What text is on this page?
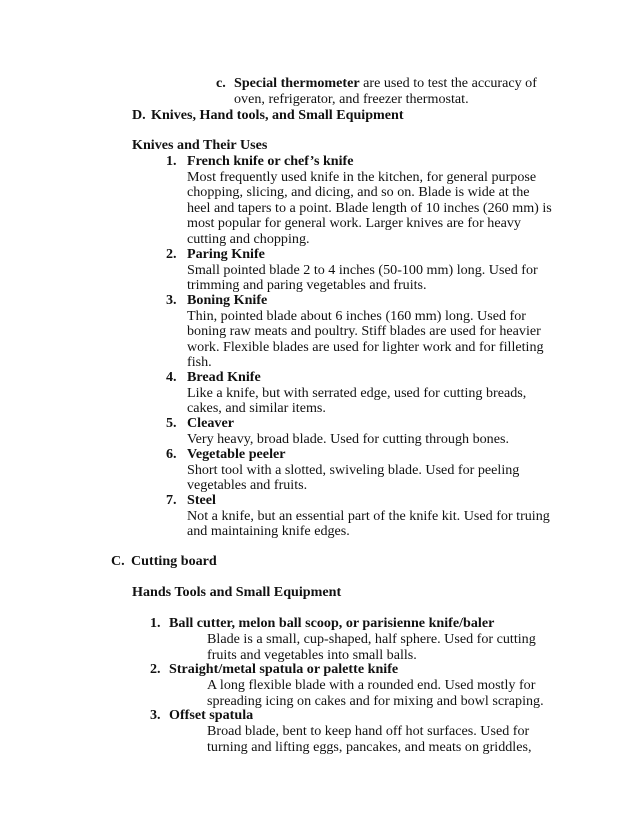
c. Special thermometer are used to test the accuracy of oven, refrigerator, and freezer thermostat.
D. Knives, Hand tools, and Small Equipment
Knives and Their Uses
1. French knife or chef’s knife
Most frequently used knife in the kitchen, for general purpose chopping, slicing, and dicing, and so on. Blade is wide at the heel and tapers to a point. Blade length of 10 inches (260 mm) is most popular for general work. Larger knives are for heavy cutting and chopping.
2. Paring Knife
Small pointed blade 2 to 4 inches (50-100 mm) long. Used for trimming and paring vegetables and fruits.
3. Boning Knife
Thin, pointed blade about 6 inches (160 mm) long. Used for boning raw meats and poultry. Stiff blades are used for heavier work. Flexible blades are used for lighter work and for filleting fish.
4. Bread Knife
Like a knife, but with serrated edge, used for cutting breads, cakes, and similar items.
5. Cleaver
Very heavy, broad blade. Used for cutting through bones.
6. Vegetable peeler
Short tool with a slotted, swiveling blade. Used for peeling vegetables and fruits.
7. Steel
Not a knife, but an essential part of the knife kit. Used for truing and maintaining knife edges.
C. Cutting board
Hands Tools and Small Equipment
1. Ball cutter, melon ball scoop, or parisienne knife/baler
Blade is a small, cup-shaped, half sphere. Used for cutting fruits and vegetables into small balls.
2. Straight/metal spatula or palette knife
A long flexible blade with a rounded end. Used mostly for spreading icing on cakes and for mixing and bowl scraping.
3. Offset spatula
Broad blade, bent to keep hand off hot surfaces. Used for turning and lifting eggs, pancakes, and meats on griddles,
